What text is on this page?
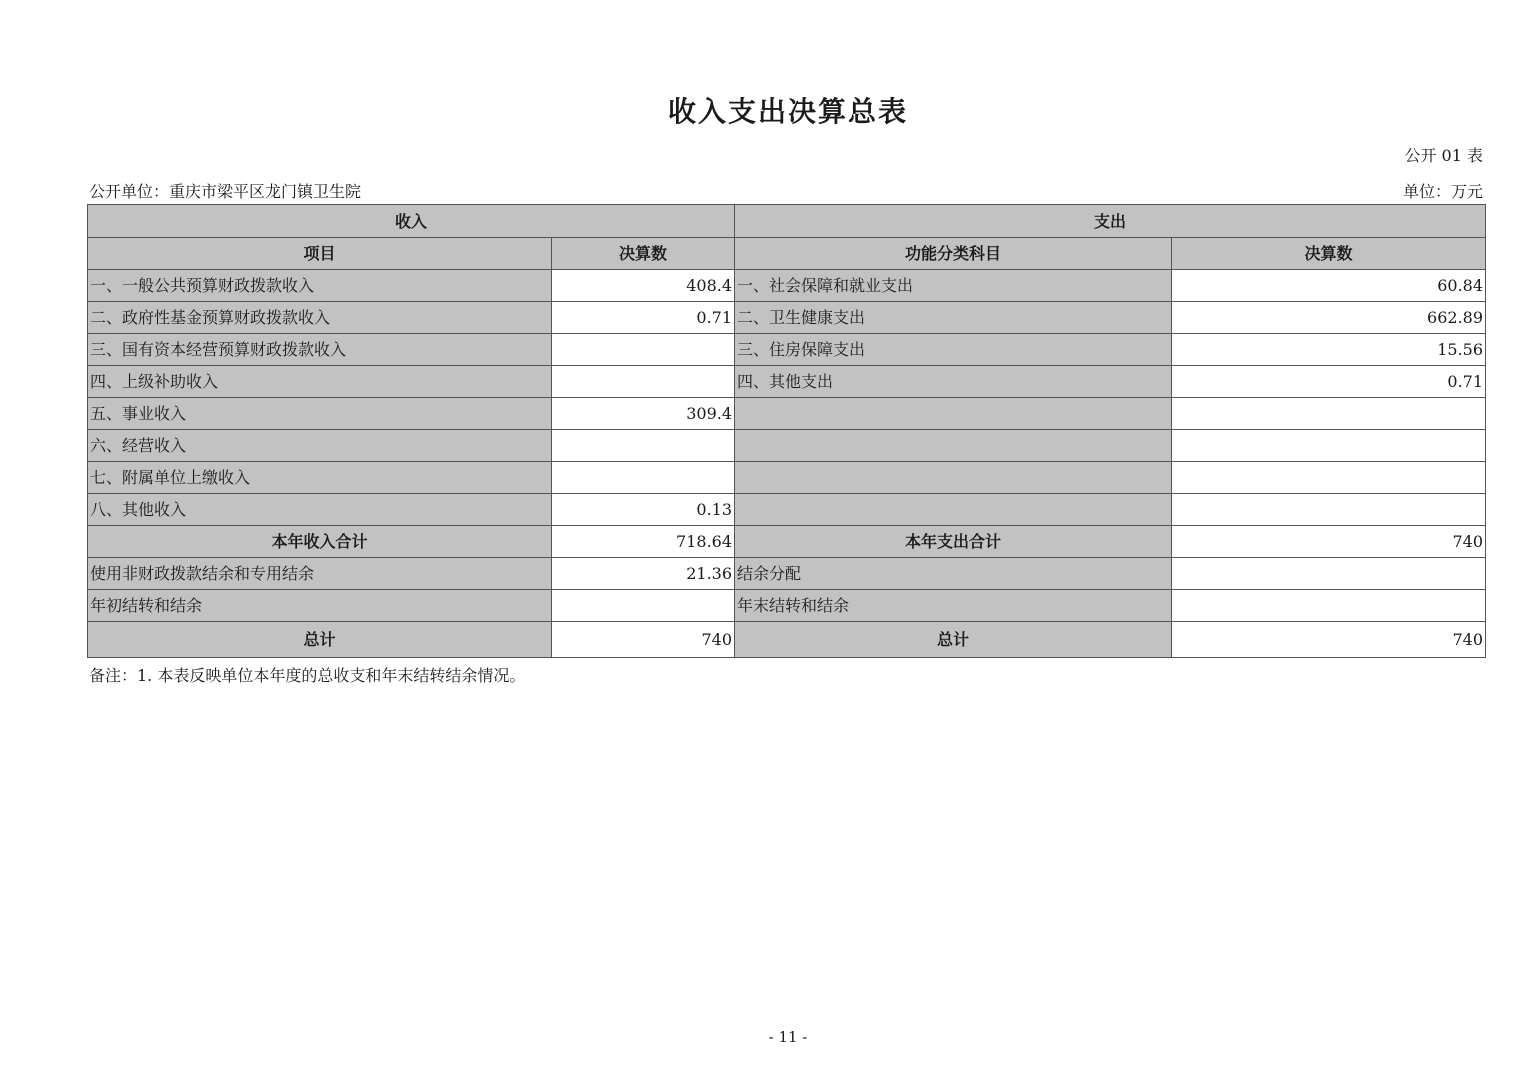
收入支出决算总表
公开 01 表
公开单位：重庆市梁平区龙门镇卫生院	单位：万元
收入		支出	
项目	决算数	功能分类科目	决算数
一、一般公共预算财政拨款收入	408.4	一、社会保障和就业支出	60.84
二、政府性基金预算财政拨款收入	0.71	二、卫生健康支出	662.89
三、国有资本经营预算财政拨款收入		三、住房保障支出	15.56
四、上级补助收入		四、其他支出	0.71
五、事业收入	309.4		
六、经营收入			
七、附属单位上缴收入			
八、其他收入	0.13		
本年收入合计	718.64	本年支出合计	740
使用非财政拨款结余和专用结余	21.36	结余分配	
年初结转和结余		年末结转和结余	
总计	740	总计	740
备注：1. 本表反映单位本年度的总收支和年末结转结余情况。
- 11 -
